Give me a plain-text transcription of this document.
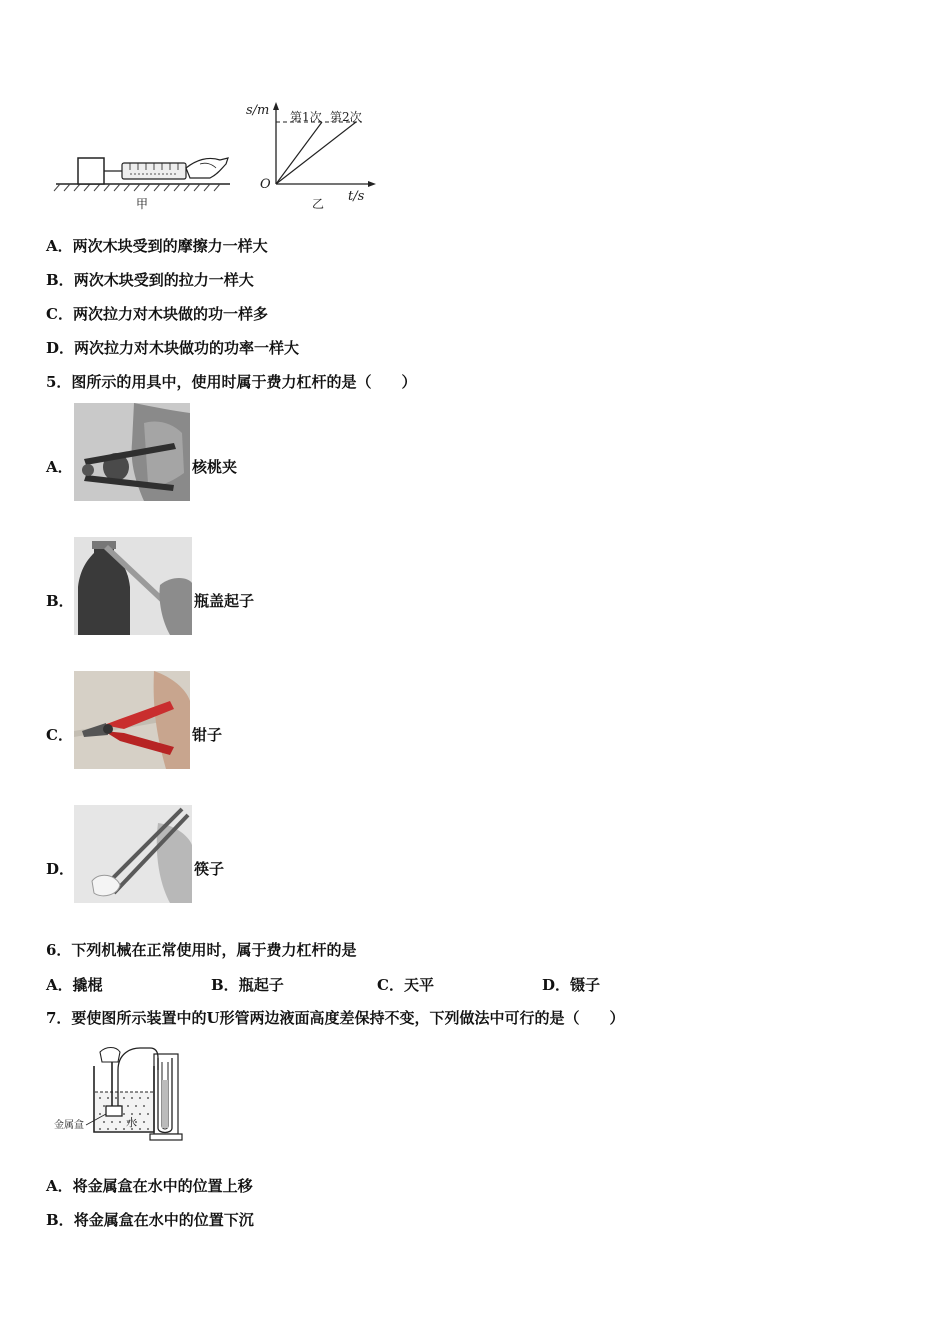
甲
s/m
t/s
O
第1次 第2次
乙
A．两次木块受到的摩擦力一样大
B．两次木块受到的拉力一样大
C．两次拉力对木块做的功一样多
D．两次拉力对木块做功的功率一样大
5．图所示的用具中，使用时属于费力杠杆的是（　　）
A．	核桃夹
B．	瓶盖起子
C．	钳子
D．	筷子
6．下列机械在正常使用时，属于费力杠杆的是
A．撬棍	B．瓶起子	C．天平	D．镊子
7．要使图所示装置中的U形管两边液面高度差保持不变，下列做法中可行的是（　　）
金属盒	水
A．将金属盒在水中的位置上移
B．将金属盒在水中的位置下沉
